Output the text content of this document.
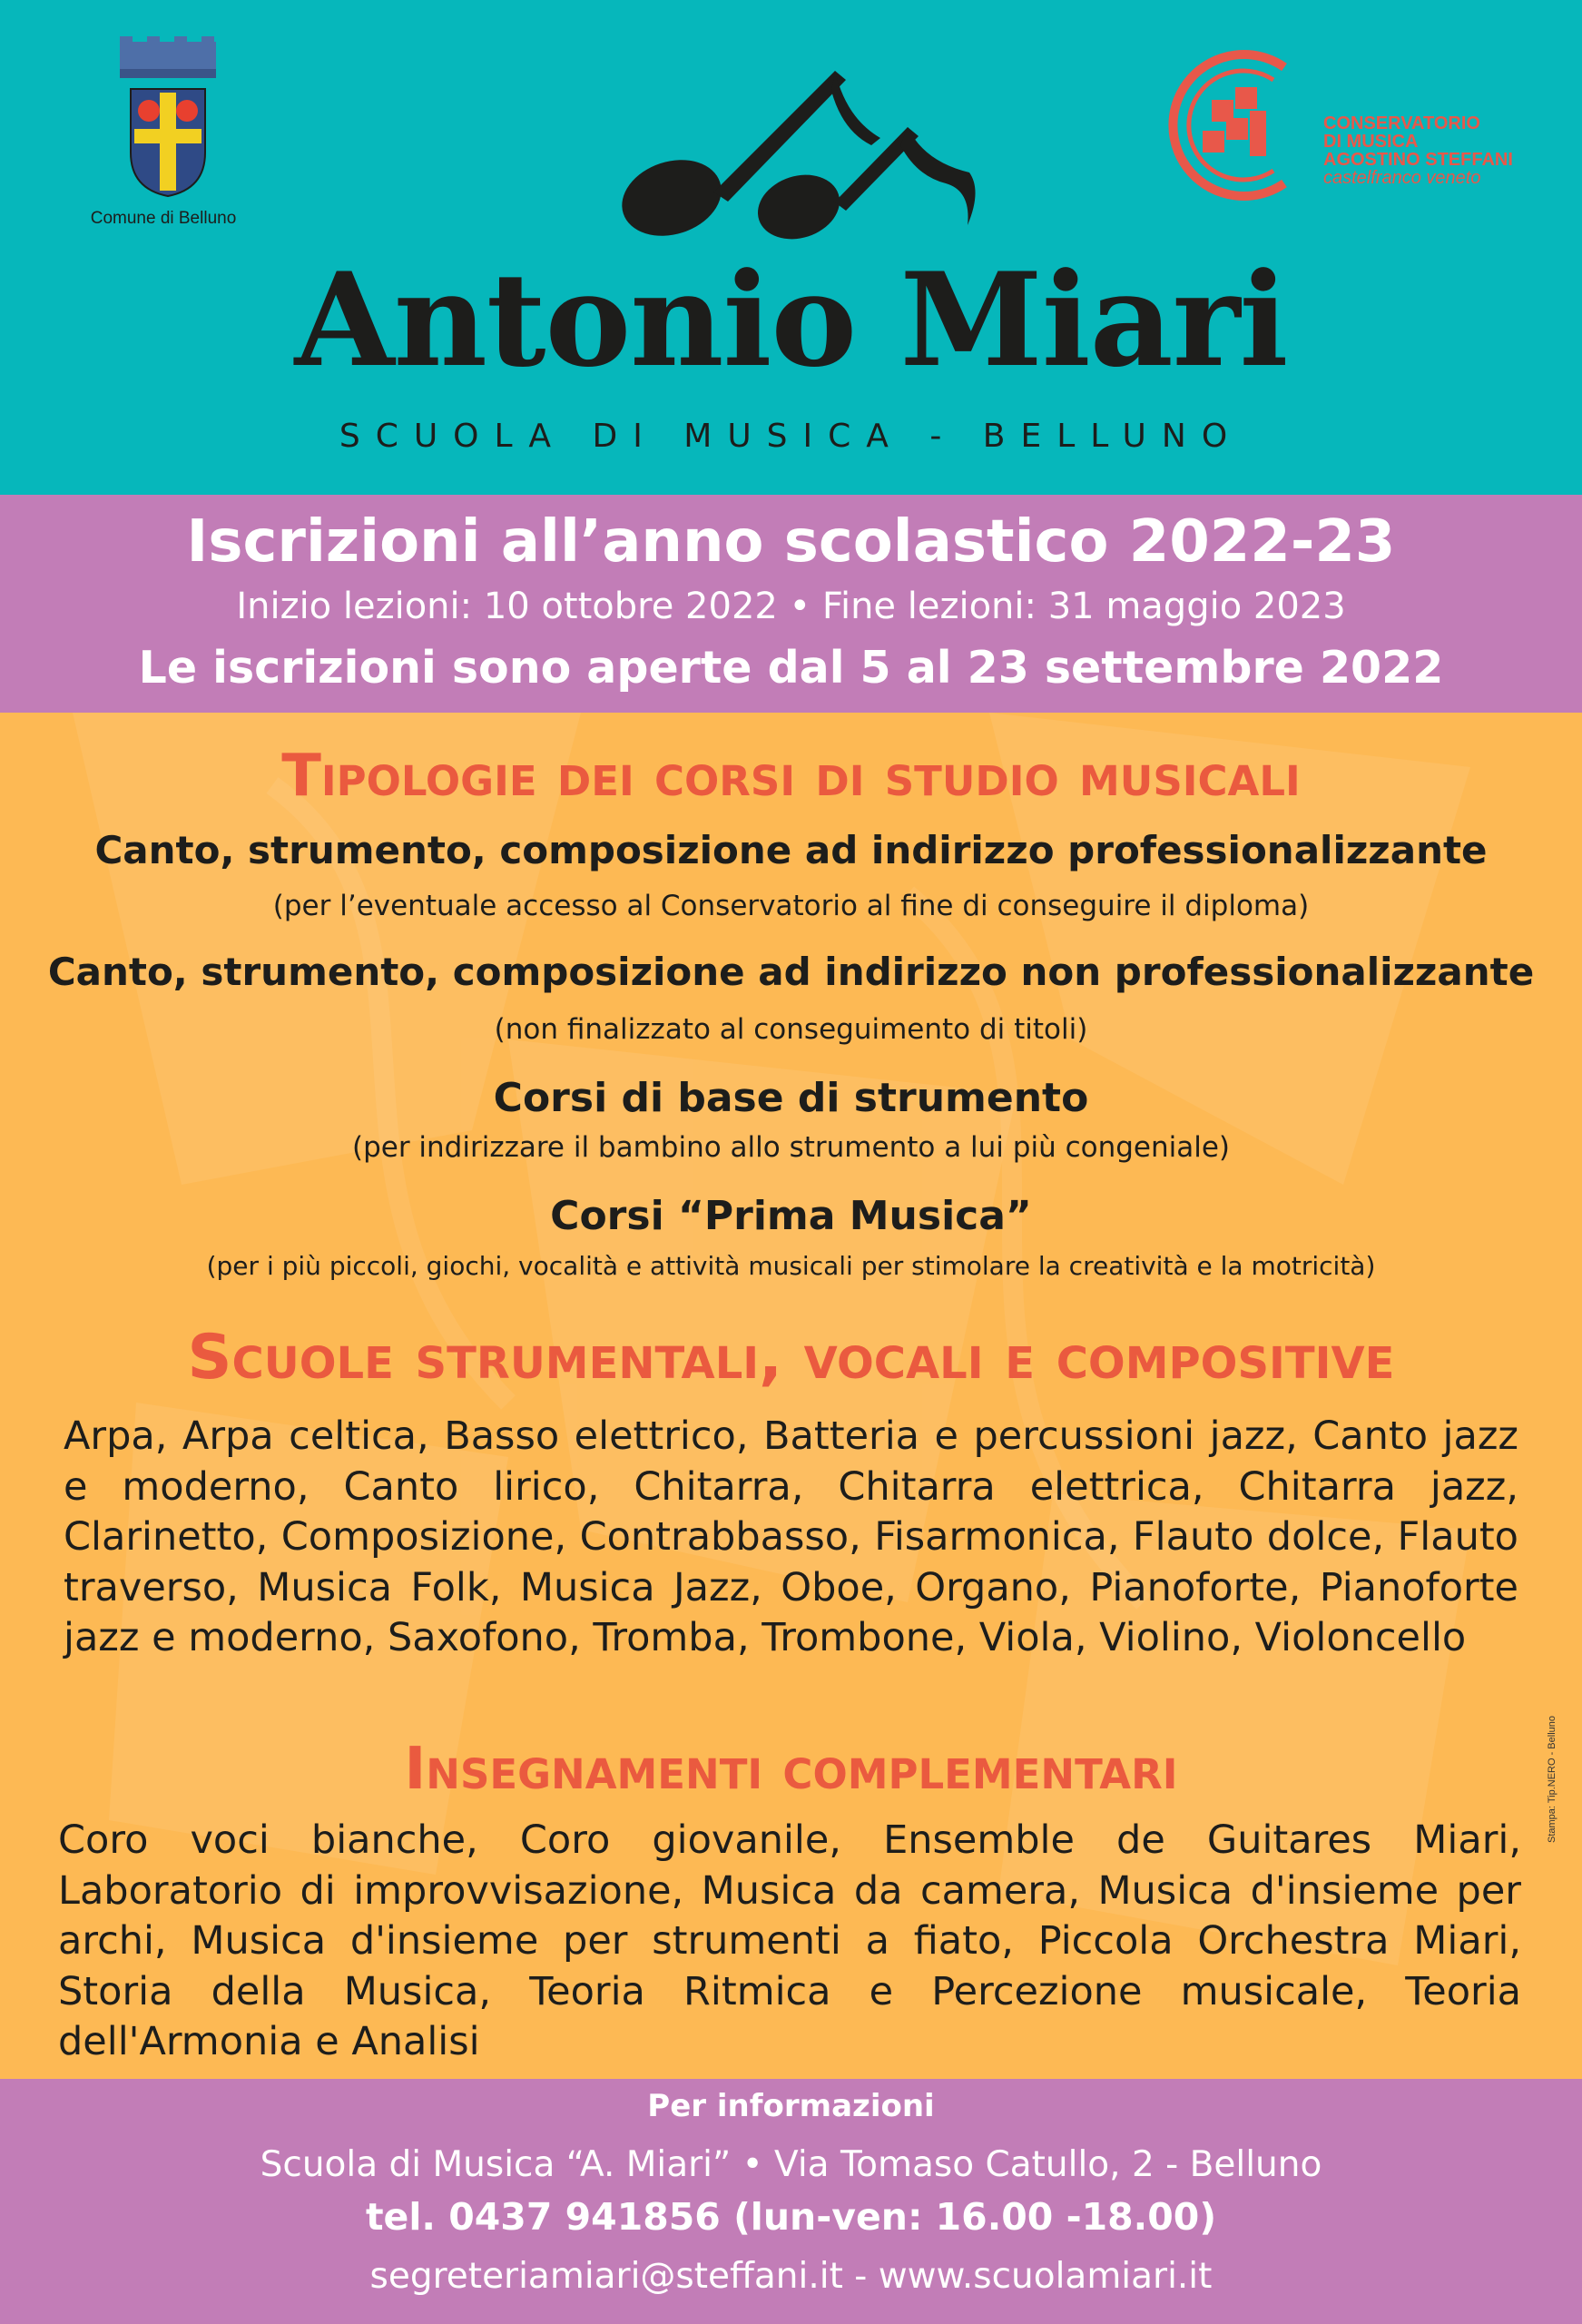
Comune di Belluno
CONSERVATORIO
DI MUSICA
AGOSTINO STEFFANI
castelfranco veneto
Antonio Miari
SCUOLA DI MUSICA - BELLUNO
Iscrizioni all’anno scolastico 2022-23
Inizio lezioni: 10 ottobre 2022 • Fine lezioni: 31 maggio 2023
Le iscrizioni sono aperte dal 5 al 23 settembre 2022
Tipologie dei corsi di studio musicali
Canto, strumento, composizione ad indirizzo professionalizzante
(per l’eventuale accesso al Conservatorio al fine di conseguire il diploma)
Canto, strumento, composizione ad indirizzo non professionalizzante
(non finalizzato al conseguimento di titoli)
Corsi di base di strumento
(per indirizzare il bambino allo strumento a lui più congeniale)
Corsi “Prima Musica”
(per i più piccoli, giochi, vocalità e attività musicali per stimolare la creatività e la motricità)
Scuole strumentali, vocali e compositive
Arpa, Arpa celtica, Basso elettrico, Batteria e percussioni jazz, Canto jazz e moderno, Canto lirico, Chitarra, Chitarra elettrica, Chitarra jazz, Clarinetto, Composizione, Contrabbasso, Fisarmonica, Flauto dolce, Flauto traverso, Musica Folk, Musica Jazz, Oboe, Organo, Pianoforte, Pianoforte jazz e moderno, Saxofono, Tromba, Trombone, Viola, Violino, Violoncello
Insegnamenti complementari
Coro voci bianche, Coro giovanile, Ensemble de Guitares Miari, Laboratorio di improvvisazione, Musica da camera, Musica d'insieme per archi, Musica d'insieme per strumenti a fiato, Piccola Orchestra Miari, Storia della Musica, Teoria Ritmica e Percezione musicale, Teoria dell'Armonia e Analisi
Stampa: Tip.NERO - Belluno
Per informazioni
Scuola di Musica “A. Miari” • Via Tomaso Catullo, 2 - Belluno
tel. 0437 941856 (lun-ven: 16.00 -18.00)
segreteriamiari@steffani.it - www.scuolamiari.it
